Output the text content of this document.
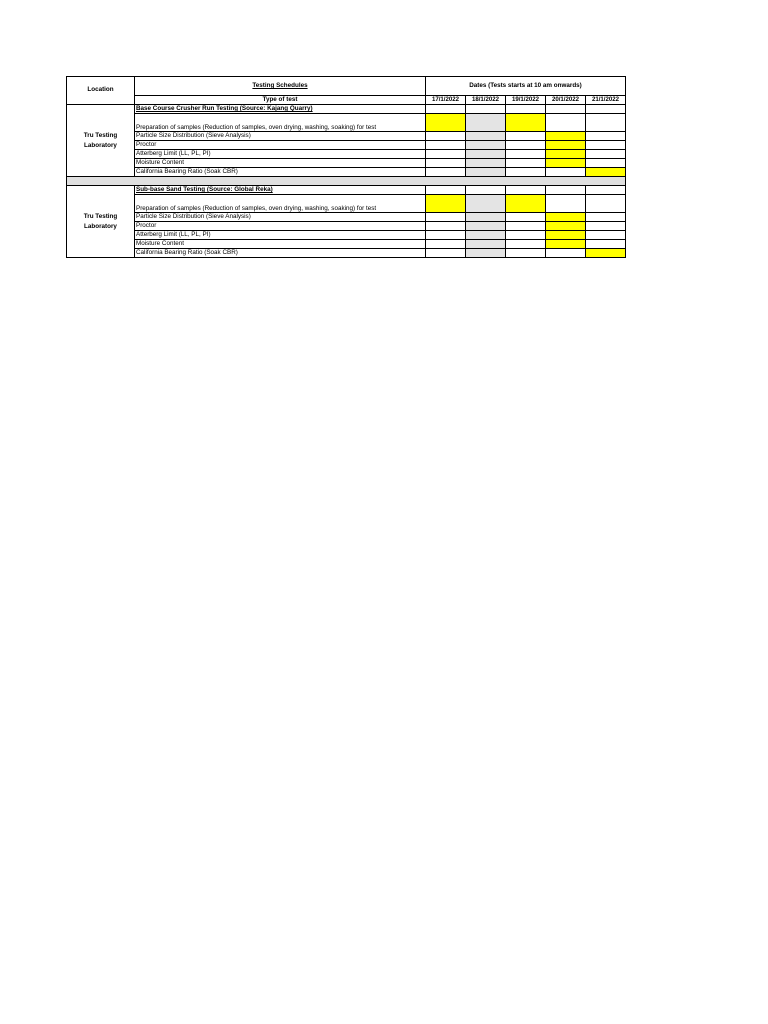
Location	Testing Schedules	Dates (Tests starts at 10 am onwards)				
	Type of test	17/1/2022	18/1/2022	19/1/2022	20/1/2022	21/1/2022
Tru Testing Laboratory	Base Course Crusher Run Testing (Source: Kajang Quarry)					
	Preparation of samples (Reduction of samples, oven drying, washing, soaking) for test					
	Particle Size Distribution (Sieve Analysis)					
	Proctor					
	Atterberg Limit (LL, PL, PI)					
	Moisture Content					
	California Bearing Ratio (Soak CBR)					

Tru Testing Laboratory	Sub-base Sand Testing (Source: Global Reka)					
	Preparation of samples (Reduction of samples, oven drying, washing, soaking) for test					
	Particle Size Distribution (Sieve Analysis)					
	Proctor					
	Atterberg Limit (LL, PL, PI)					
	Moisture Content					
	California Bearing Ratio (Soak CBR)					
